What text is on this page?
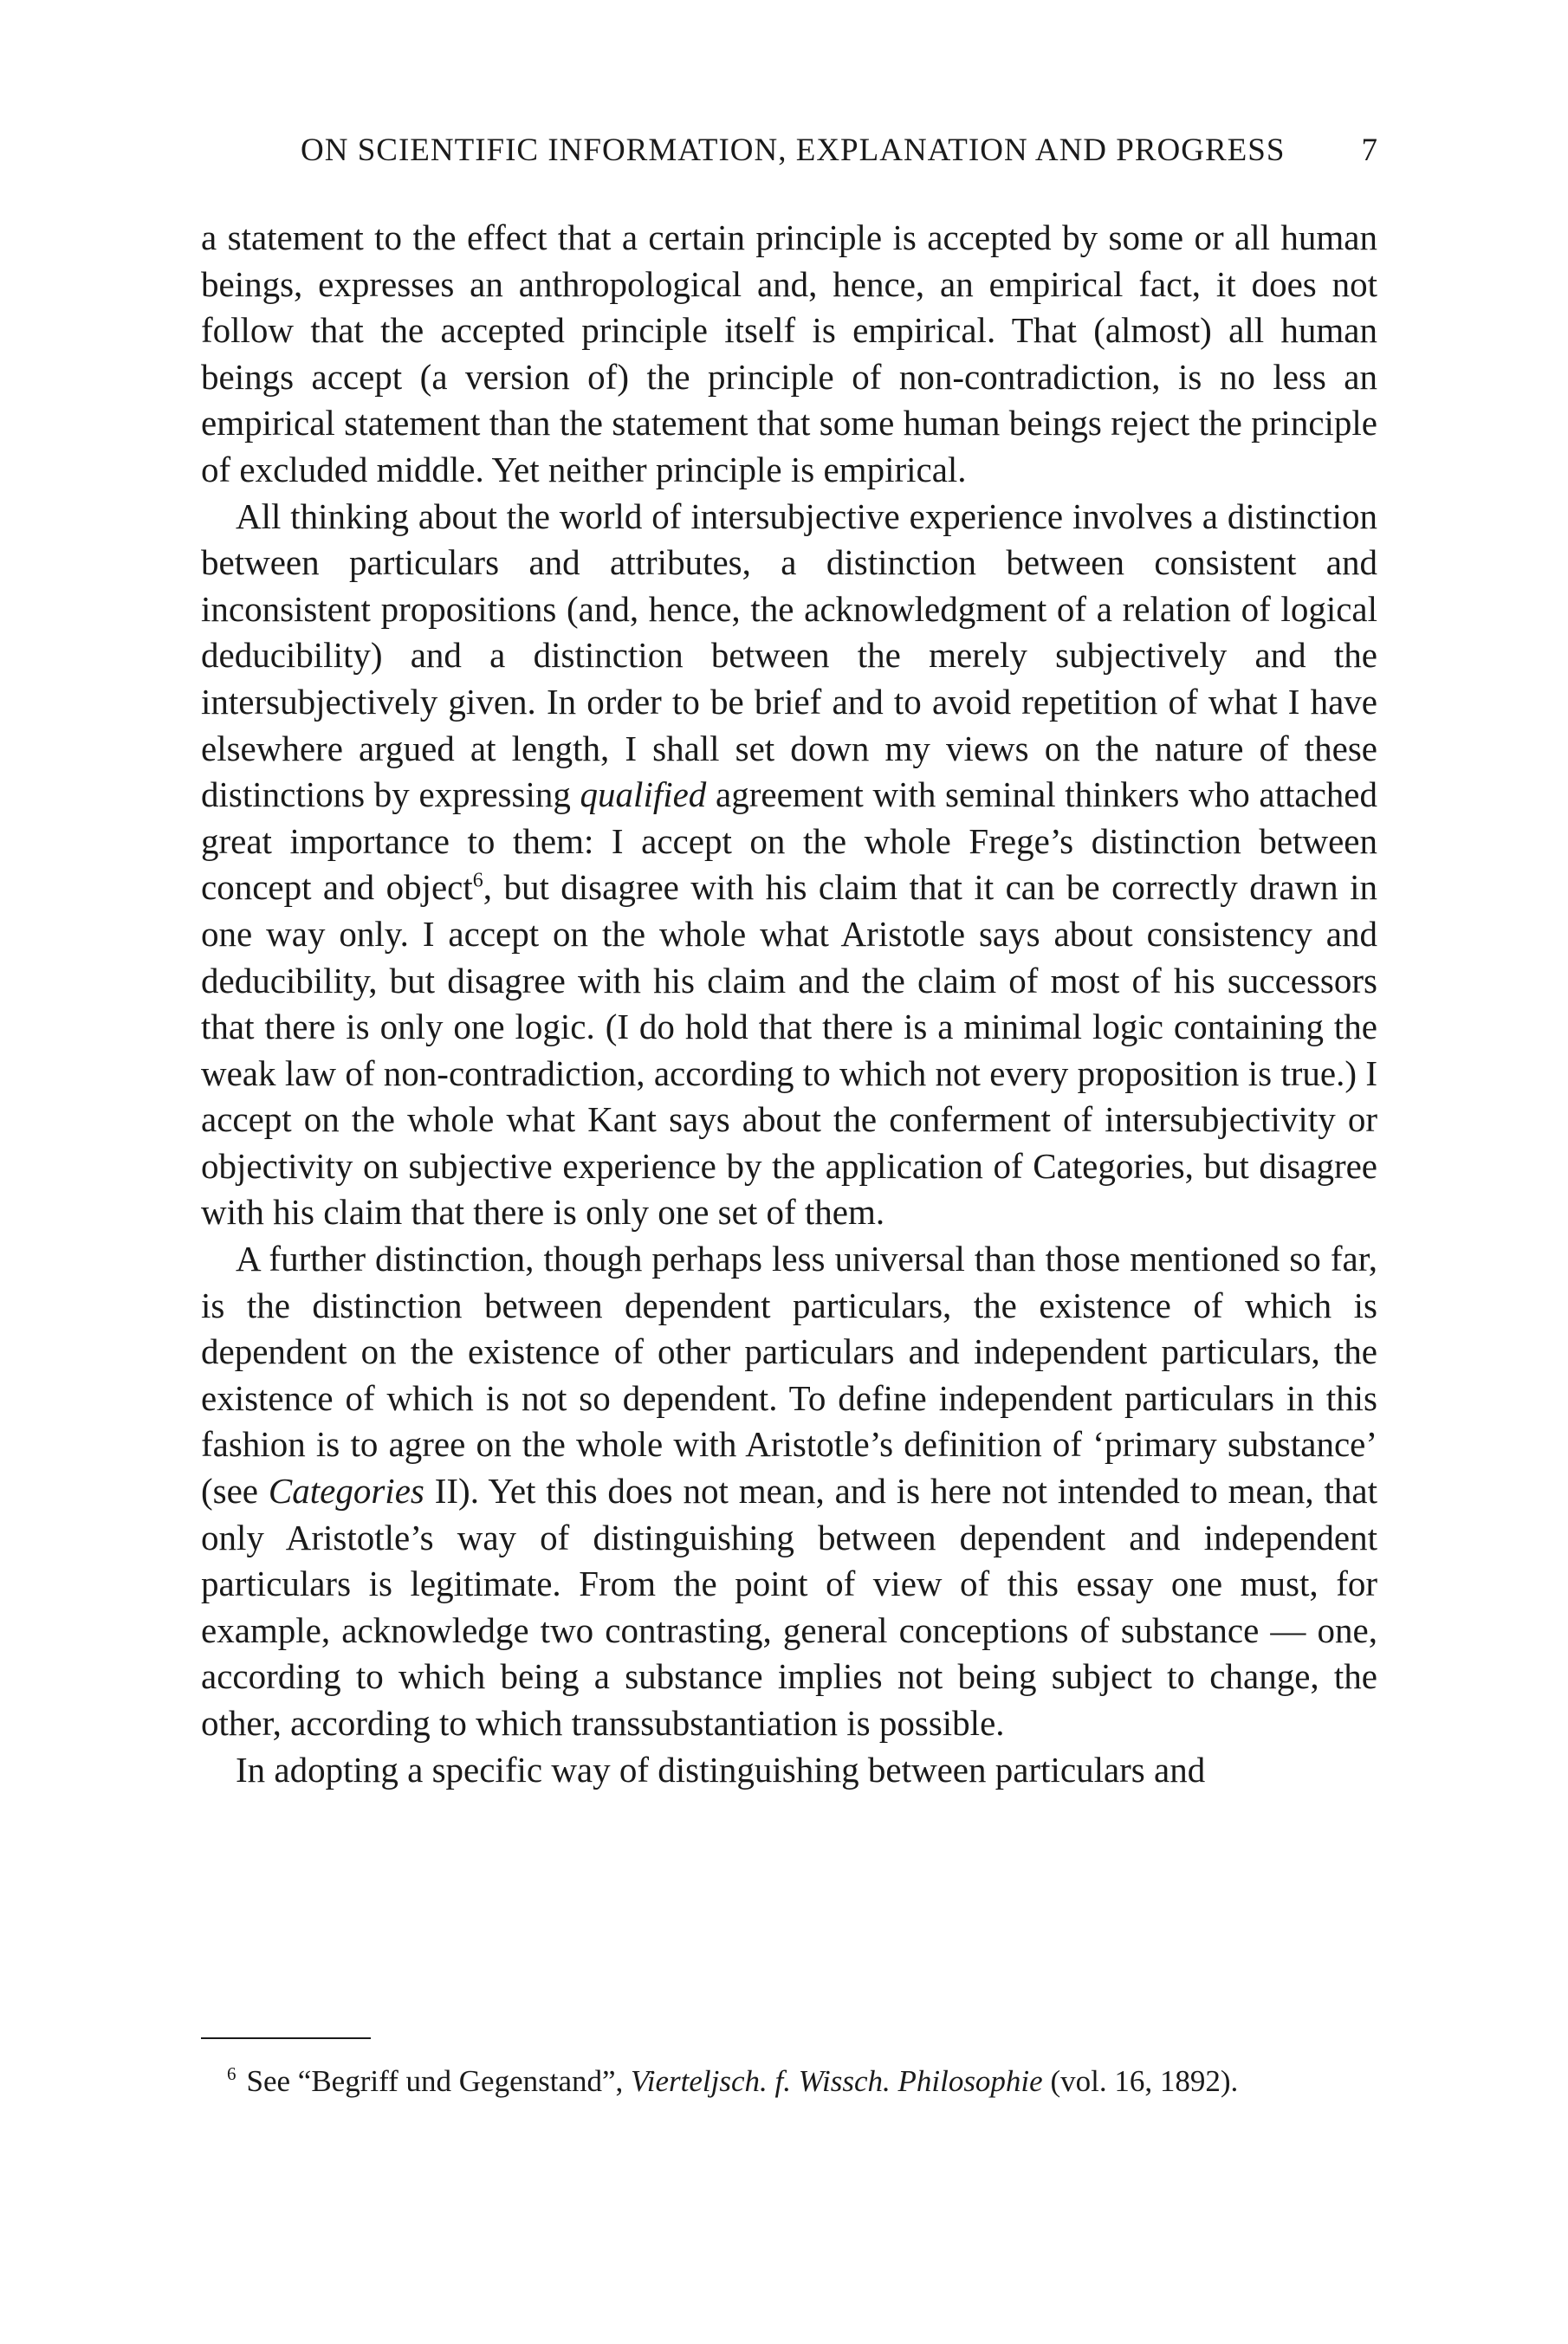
ON SCIENTIFIC INFORMATION, EXPLANATION AND PROGRESS 7

a statement to the effect that a certain principle is accepted by some or all human beings, expresses an anthropological and, hence, an empirical fact, it does not follow that the accepted principle itself is empirical. That (almost) all human beings accept (a version of) the principle of non-contradiction, is no less an empirical statement than the statement that some human beings reject the principle of excluded middle. Yet neither principle is empirical.

All thinking about the world of intersubjective experience involves a distinction between particulars and attributes, a distinction between consistent and inconsistent propositions (and, hence, the acknowledgment of a relation of logical deducibility) and a distinction between the merely subjectively and the intersubjectively given. In order to be brief and to avoid repetition of what I have elsewhere argued at length, I shall set down my views on the nature of these distinctions by expressing qualified agreement with seminal thinkers who attached great importance to them: I accept on the whole Frege’s distinction between concept and object$^6$, but disagree with his claim that it can be correctly drawn in one way only. I accept on the whole what Aristotle says about consistency and deducibility, but disagree with his claim and the claim of most of his successors that there is only one logic. (I do hold that there is a minimal logic containing the weak law of non-contradiction, according to which not every proposition is true.) I accept on the whole what Kant says about the conferment of intersubjectivity or objectivity on subjective experience by the application of Categories, but disagree with his claim that there is only one set of them.

A further distinction, though perhaps less universal than those mentioned so far, is the distinction between dependent particulars, the existence of which is dependent on the existence of other particulars and independent particulars, the existence of which is not so dependent. To define independent particulars in this fashion is to agree on the whole with Aristotle’s definition of ‘primary substance’ (see Categories II). Yet this does not mean, and is here not intended to mean, that only Aristotle’s way of distinguishing between dependent and independent particulars is legitimate. From the point of view of this essay one must, for example, acknowledge two contrasting, general conceptions of substance — one, according to which being a substance implies not being subject to change, the other, according to which transsubstantiation is possible.

In adopting a specific way of distinguishing between particulars and

$^6$ See “Begriff und Gegenstand”, Vierteljsch. f. Wissch. Philosophie (vol. 16, 1892).
